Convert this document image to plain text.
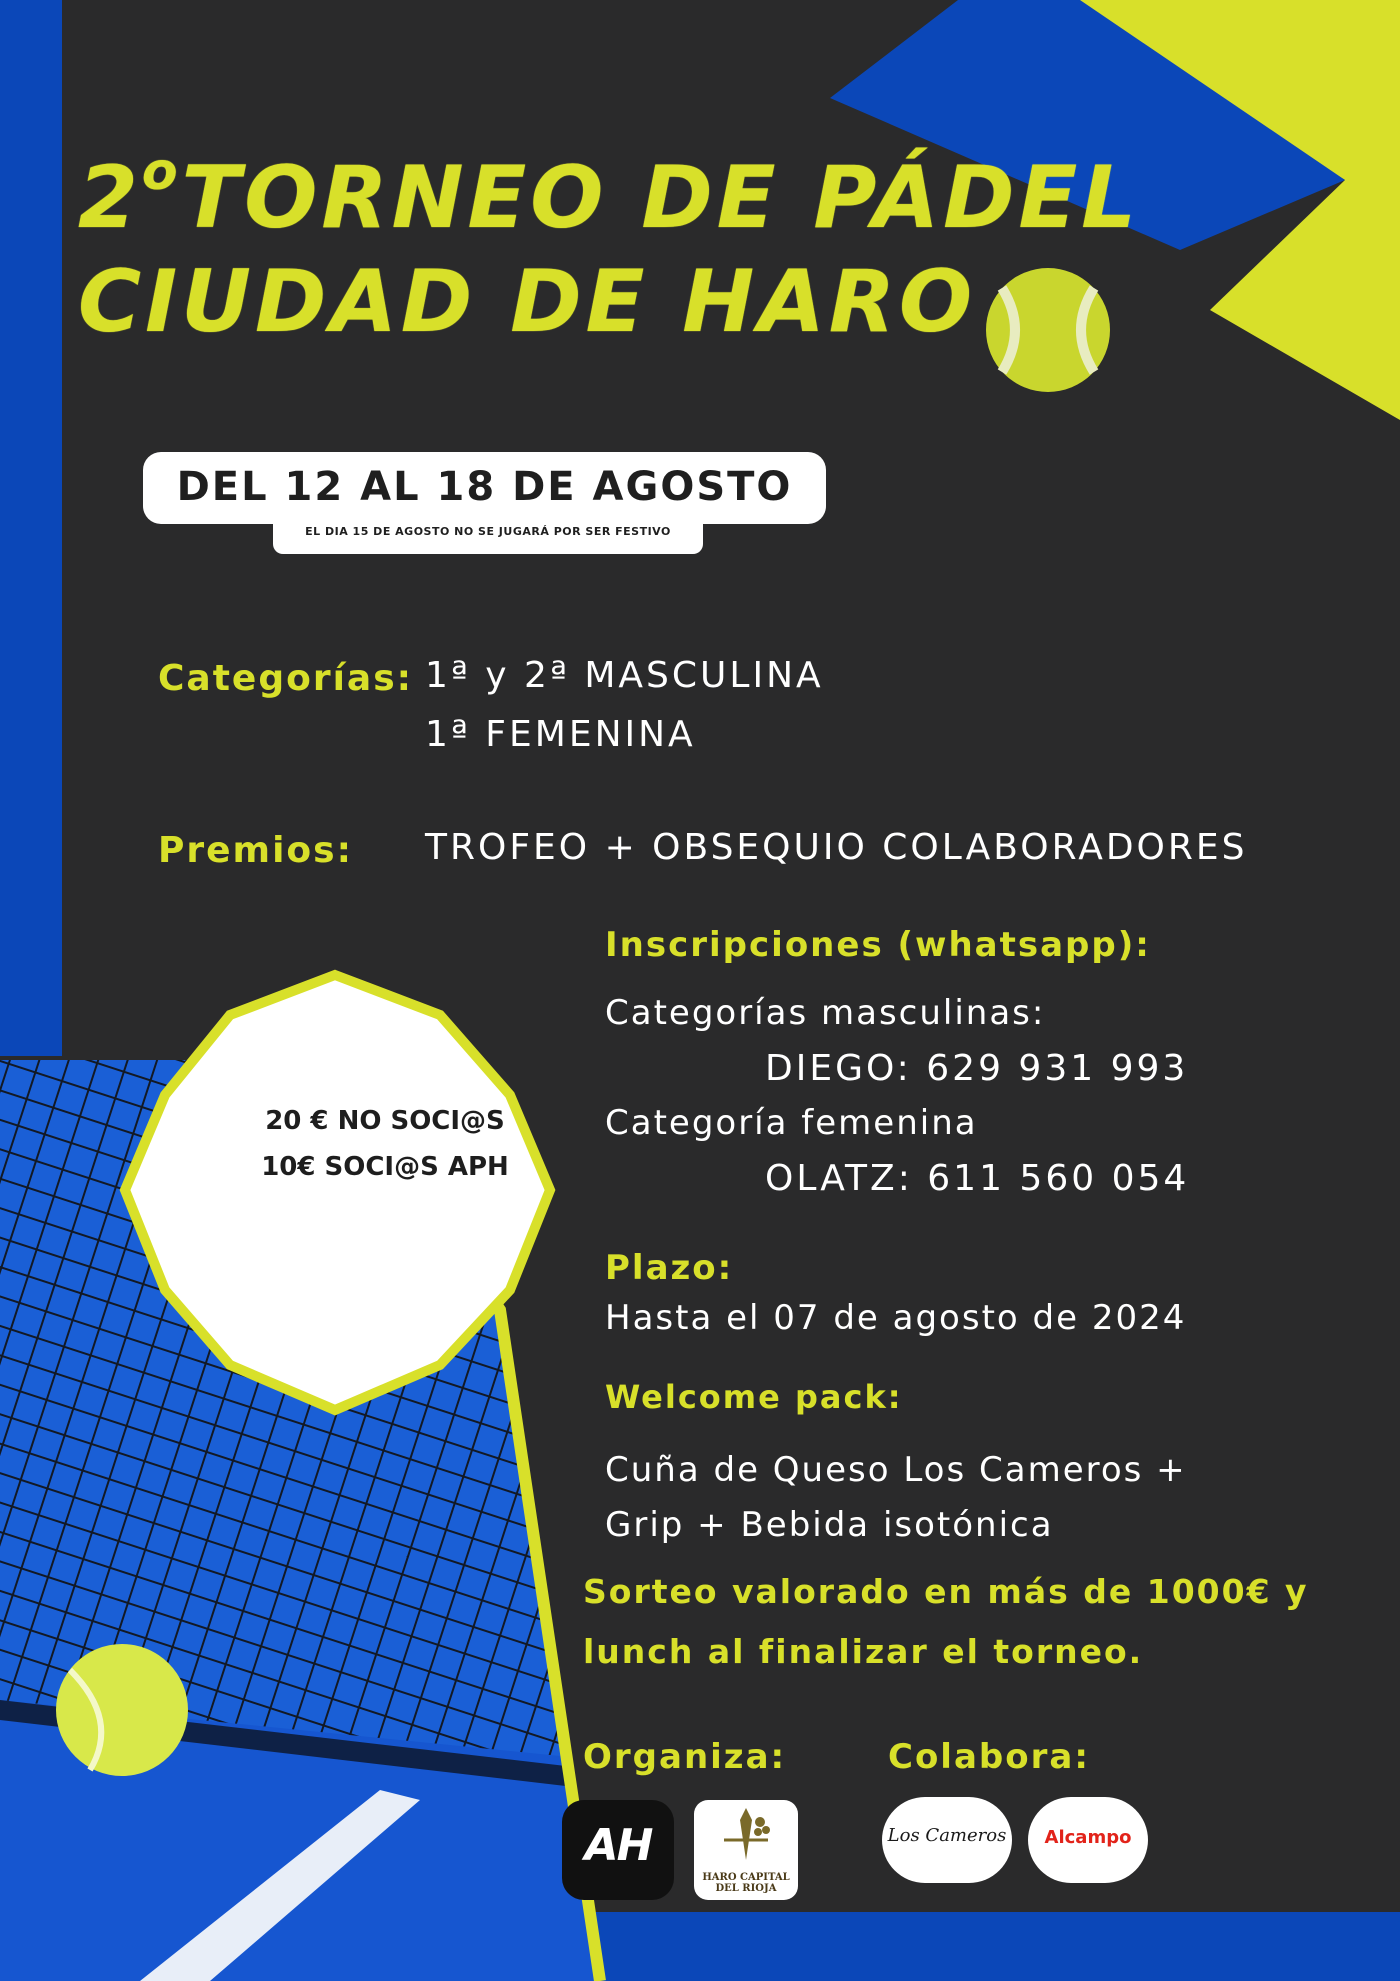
2$^o$TORNEO DE PÁDEL
CIUDAD DE HARO
DEL 12 AL 18 DE AGOSTO
EL DIA 15 DE AGOSTO NO SE JUGARÁ POR SER FESTIVO
Categorías: 1ª y 2ª MASCULINA
1ª FEMENINA
Premios: TROFEO + OBSEQUIO COLABORADORES
Inscripciones (whatsapp):
Categorías masculinas:
DIEGO: 629 931 993
Categoría femenina
OLATZ: 611 560 054
Plazo:
Hasta el 07 de agosto de 2024
Welcome pack:
Cuña de Queso Los Cameros +
Grip + Bebida isotónica
Sorteo valorado en más de 1000€ y
lunch al finalizar el torneo.
20 € NO SOCI@S
10€ SOCI@S APH
Organiza:
AH
HARO CAPITAL DEL RIOJA
Colabora:
Los Cameros	Alcampo
